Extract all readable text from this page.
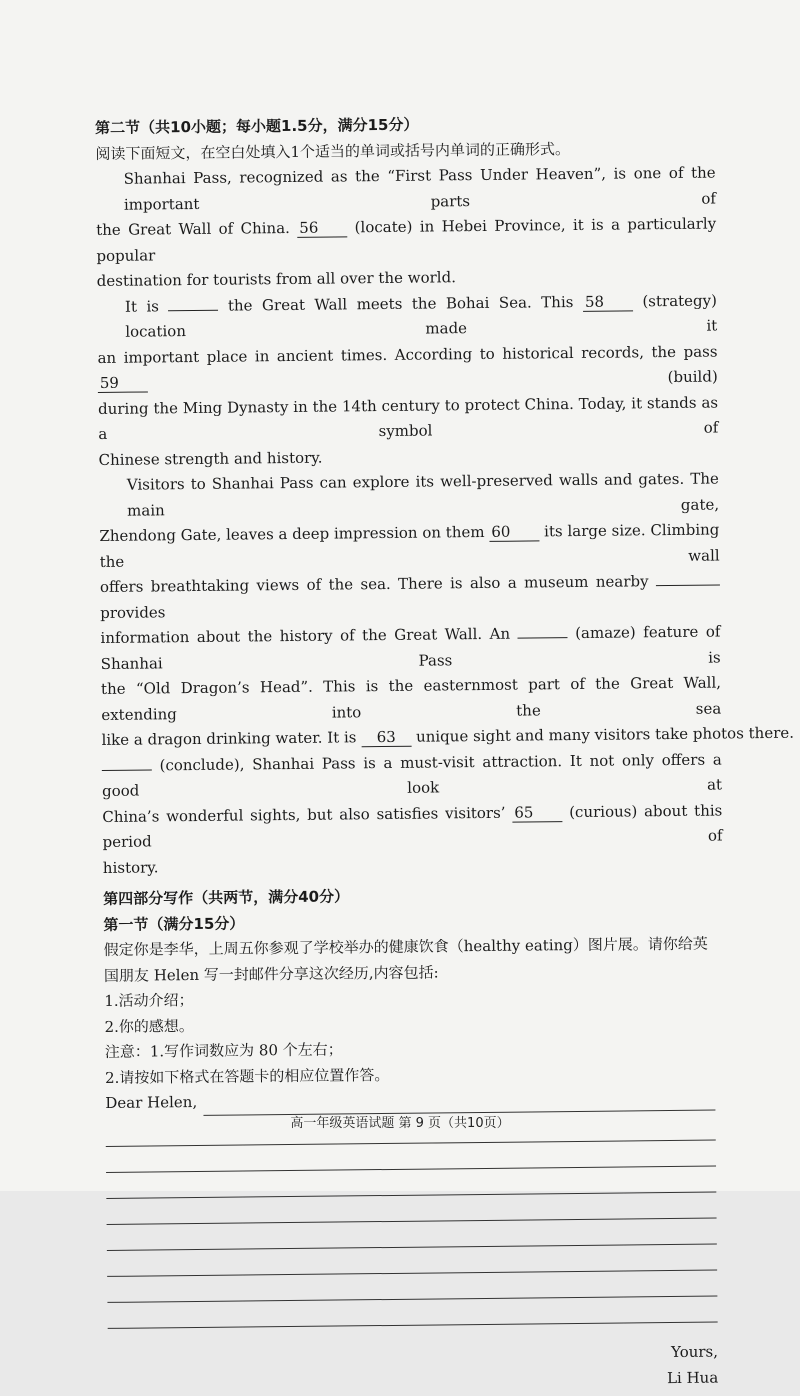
第二节（共10小题；每小题1.5分，满分15分）
阅读下面短文，在空白处填入1个适当的单词或括号内单词的正确形式。
Shanhai Pass, recognized as the “First Pass Under Heaven”, is one of the important parts of
the Great Wall of China. 56 (locate) in Hebei Province, it is a particularly popular
destination for tourists from all over the world.
It is	the Great Wall meets the Bohai Sea. This 58	(strategy) location made it
an important place in ancient times. According to historical records, the pass 59	(build)
during the Ming Dynasty in the 14th century to protect China. Today, it stands as a symbol of
Chinese strength and history.
Visitors to Shanhai Pass can explore its well-preserved walls and gates. The main gate,
Zhendong Gate, leaves a deep impression on them 60 its large size. Climbing the wall
offers breathtaking views of the sea. There is also a museum nearby  provides
information about the history of the Great Wall. An	(amaze) feature of Shanhai Pass is
the “Old Dragon’s Head”. This is the easternmost part of the Great Wall, extending into the sea
like a dragon drinking water. It is 63 unique sight and many visitors take photos there.
(conclude), Shanhai Pass is a must-visit attraction. It not only offers a good look at
China’s wonderful sights, but also satisfies visitors’ 65 (curious) about this period of
history.
第四部分写作（共两节，满分40分）
第一节（满分15分）
假定你是李华，上周五你参观了学校举办的健康饮食（healthy eating）图片展。请你给英
国朋友 Helen 写一封邮件分享这次经历,内容包括:
1.活动介绍；
2.你的感想。
注意：1.写作词数应为 80 个左右；
2.请按如下格式在答题卡的相应位置作答。
Dear Helen,
Yours,
Li Hua
高一年级英语试题 第 9 页（共10页）
